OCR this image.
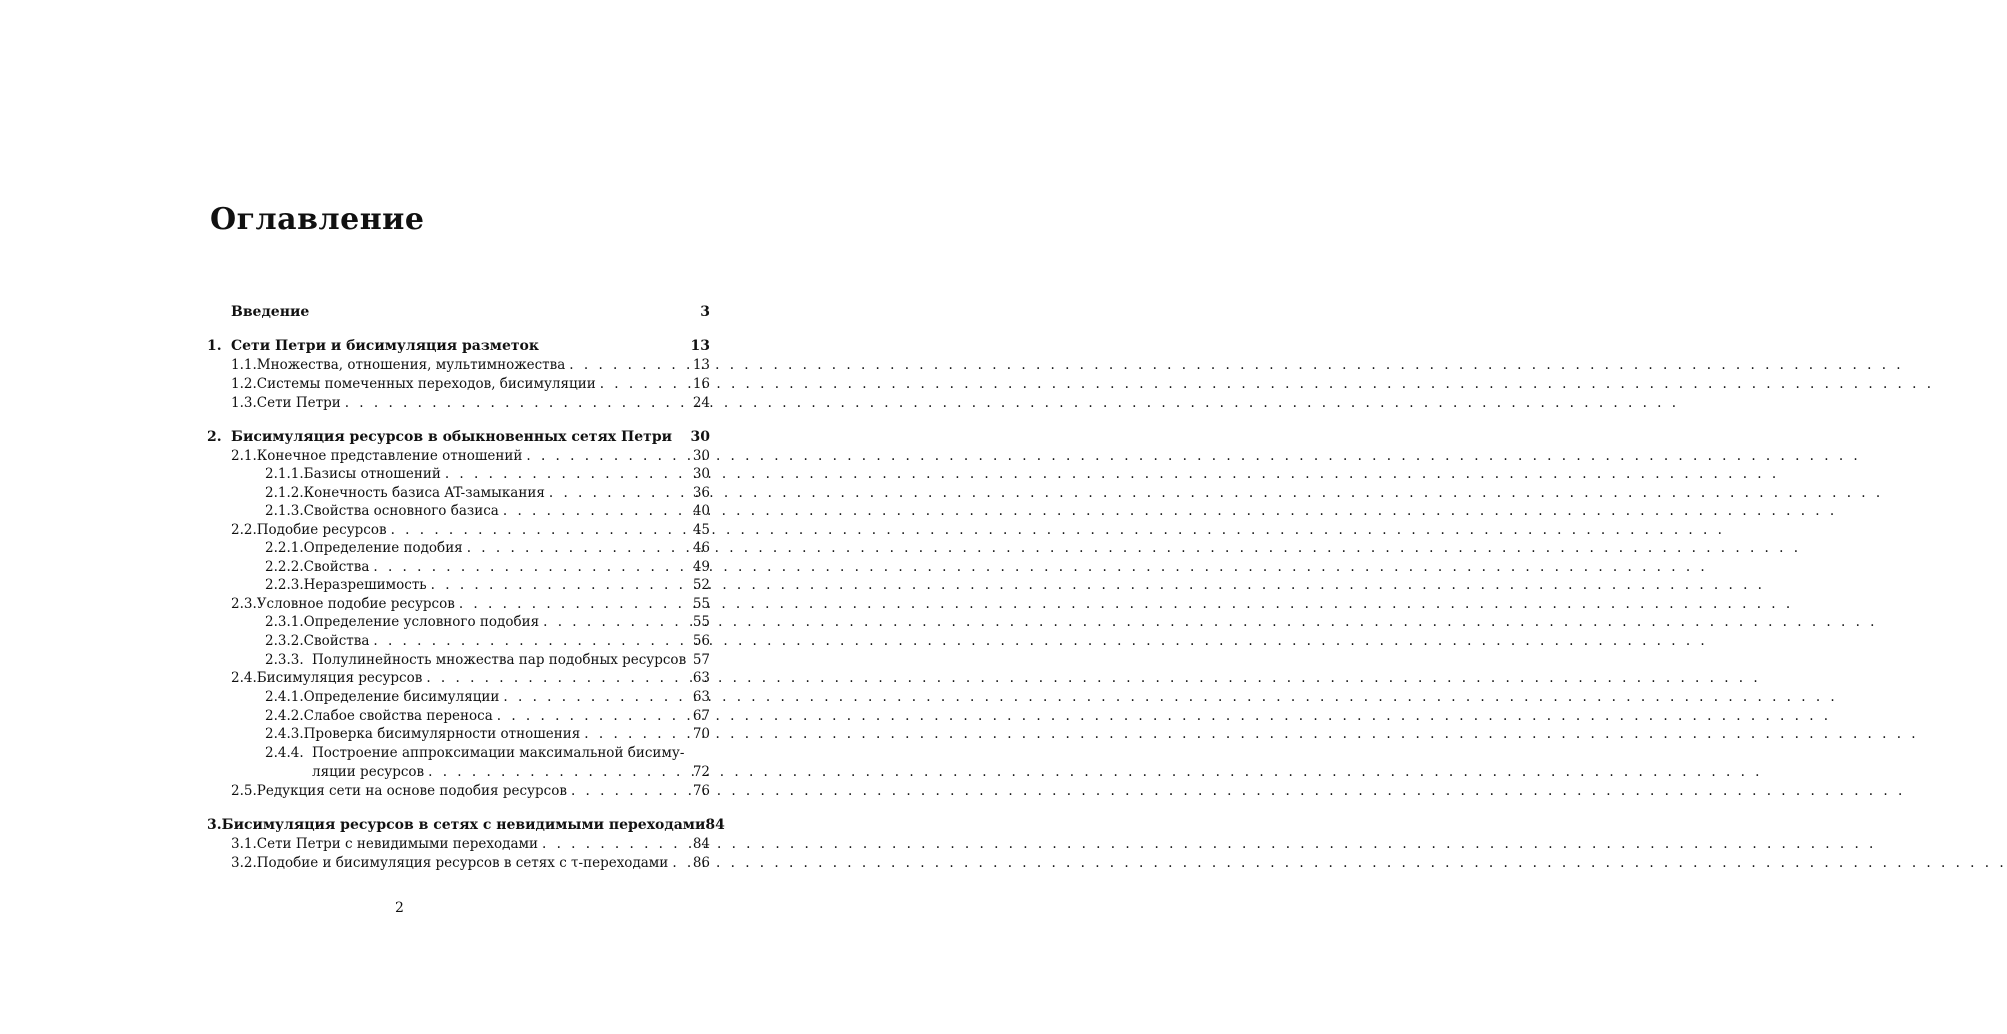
Оглавление
Введение	3
1. Сети Петри и бисимуляция разметок	13
1.1. Множества, отношения, мультимножества . . .	13
1.2. Системы помеченных переходов, бисимуляции . . .	16
1.3. Сети Петри . . .	24
2. Бисимуляция ресурсов в обыкновенных сетях Петри 30
2.1. Конечное представление отношений . . .	30
2.1.1. Базисы отношений . . .	30
2.1.2. Конечность базиса AT-замыкания . . .	36
2.1.3. Свойства основного базиса . . .	40
2.2. Подобие ресурсов . . .	45
2.2.1. Определение подобия . . .	46
2.2.2. Свойства . . .	49
2.2.3. Неразрешимость . . .	52
2.3. Условное подобие ресурсов . . .	55
2.3.1. Определение условного подобия . . .	55
2.3.2. Свойства . . .	56
2.3.3. Полулинейность множества пар подобных ресурсов 57
2.4. Бисимуляция ресурсов . . .	63
2.4.1. Определение бисимуляции . . .	63
2.4.2. Слабое свойства переноса . . .	67
2.4.3. Проверка бисимулярности отношения . . .	70
2.4.4. Построение аппроксимации максимальной бисиму-
ляции ресурсов . . .	72
2.5. Редукция сети на основе подобия ресурсов . . .	76
3. Бисимуляция ресурсов в сетях с невидимыми переходами 84
3.1. Сети Петри с невидимыми переходами . . .	84
3.2. Подобие и бисимуляция ресурсов в сетях с τ-переходами . . . 86
2
